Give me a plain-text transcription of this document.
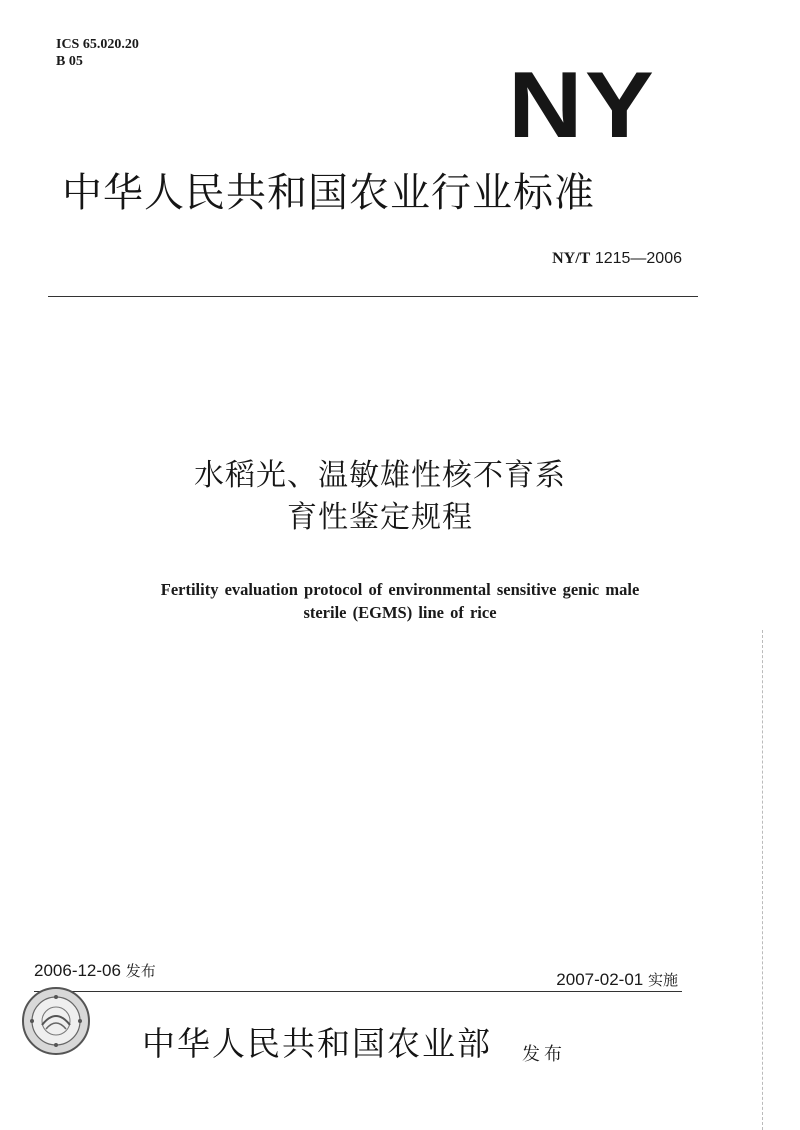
ICS 65.020.20
B 05	NY
中华人民共和国农业行业标准
NY/T 1215—2006
水稻光、温敏雄性核不育系
育性鉴定规程
Fertility evaluation protocol of environmental sensitive genic male
sterile (EGMS) line of rice
2006-12-06 发布	2007-02-01 实施
中华人民共和国农业部 发布
